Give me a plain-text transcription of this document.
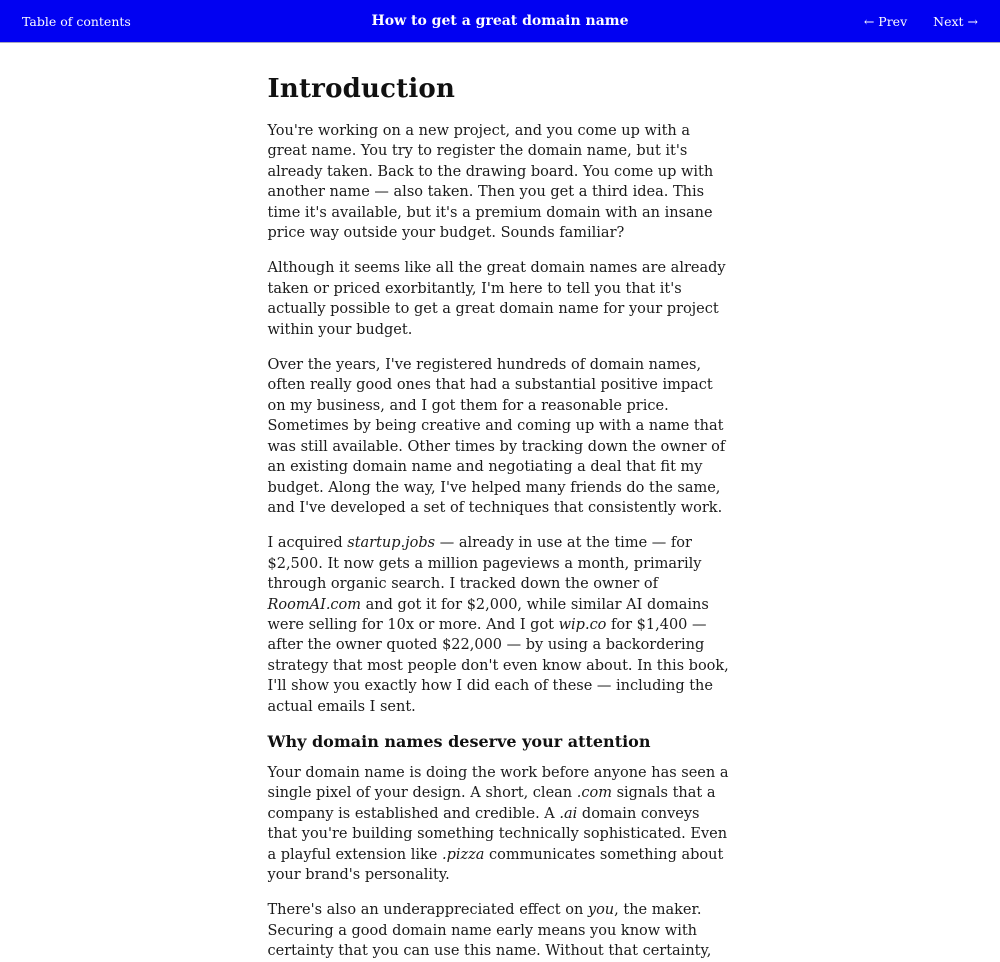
Table of contents	How to get a great domain name	← Prev Next →
Introduction

You're working on a new project, and you come up with a great name. You try to register the domain name, but it's already taken. Back to the drawing board. You come up with another name — also taken. Then you get a third idea. This time it's available, but it's a premium domain with an insane price way outside your budget. Sounds familiar?

Although it seems like all the great domain names are already taken or priced exorbitantly, I'm here to tell you that it's actually possible to get a great domain name for your project within your budget.

Over the years, I've registered hundreds of domain names, often really good ones that had a substantial positive impact on my business, and I got them for a reasonable price. Sometimes by being creative and coming up with a name that was still available. Other times by tracking down the owner of an existing domain name and negotiating a deal that fit my budget. Along the way, I've helped many friends do the same, and I've developed a set of techniques that consistently work.

I acquired startup.jobs — already in use at the time — for $2,500. It now gets a million pageviews a month, primarily through organic search. I tracked down the owner of RoomAI.com and got it for $2,000, while similar AI domains were selling for 10x or more. And I got wip.co for $1,400 — after the owner quoted $22,000 — by using a backordering strategy that most people don't even know about. In this book, I'll show you exactly how I did each of these — including the actual emails I sent.

Why domain names deserve your attention

Your domain name is doing the work before anyone has seen a single pixel of your design. A short, clean .com signals that a company is established and credible. A .ai domain conveys that you're building something technically sophisticated. Even a playful extension like .pizza communicates something about your brand's personality.

There's also an underappreciated effect on you, the maker. Securing a good domain name early means you know with certainty that you can use this name. Without that certainty,
